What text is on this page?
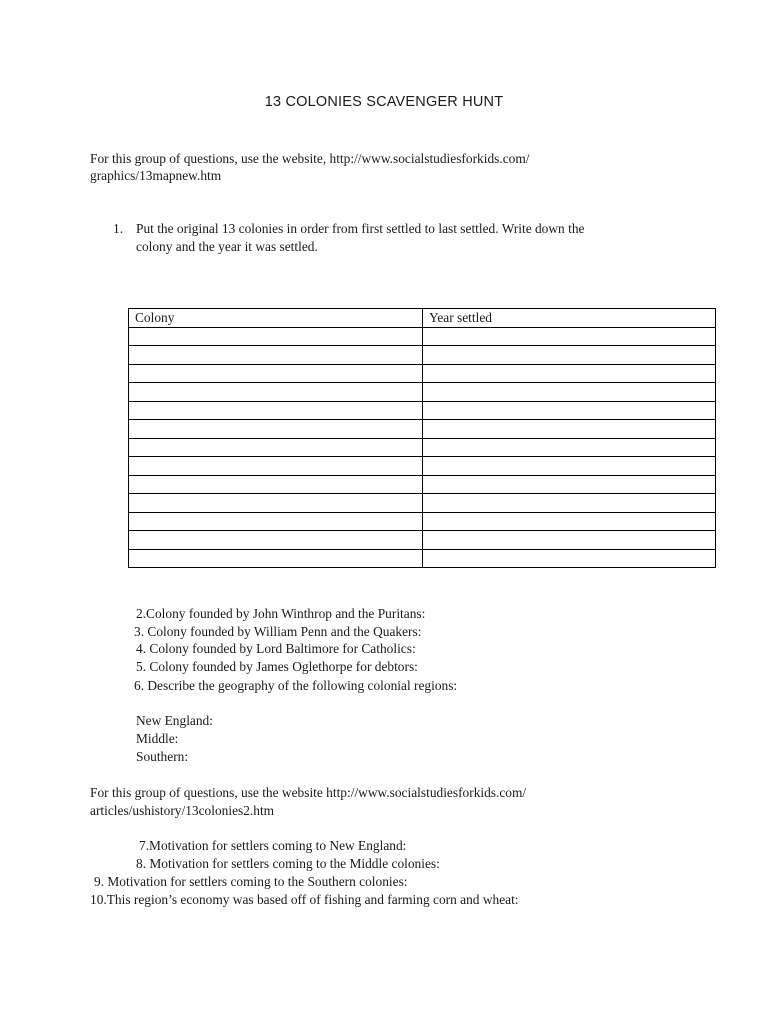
13 COLONIES SCAVENGER HUNT
For this group of questions, use the website, http://www.socialstudiesforkids.com/
graphics/13mapnew.htm
1. Put the original 13 colonies in order from first settled to last settled. Write down the
colony and the year it was settled.
Colony	Year settled

2.Colony founded by John Winthrop and the Puritans:
3. Colony founded by William Penn and the Quakers:
4. Colony founded by Lord Baltimore for Catholics:
5. Colony founded by James Oglethorpe for debtors:
6. Describe the geography of the following colonial regions:
New England:
Middle:
Southern:
For this group of questions, use the website http://www.socialstudiesforkids.com/
articles/ushistory/13colonies2.htm
7.Motivation for settlers coming to New England:
8. Motivation for settlers coming to the Middle colonies:
9. Motivation for settlers coming to the Southern colonies:
10.This region’s economy was based off of fishing and farming corn and wheat:
